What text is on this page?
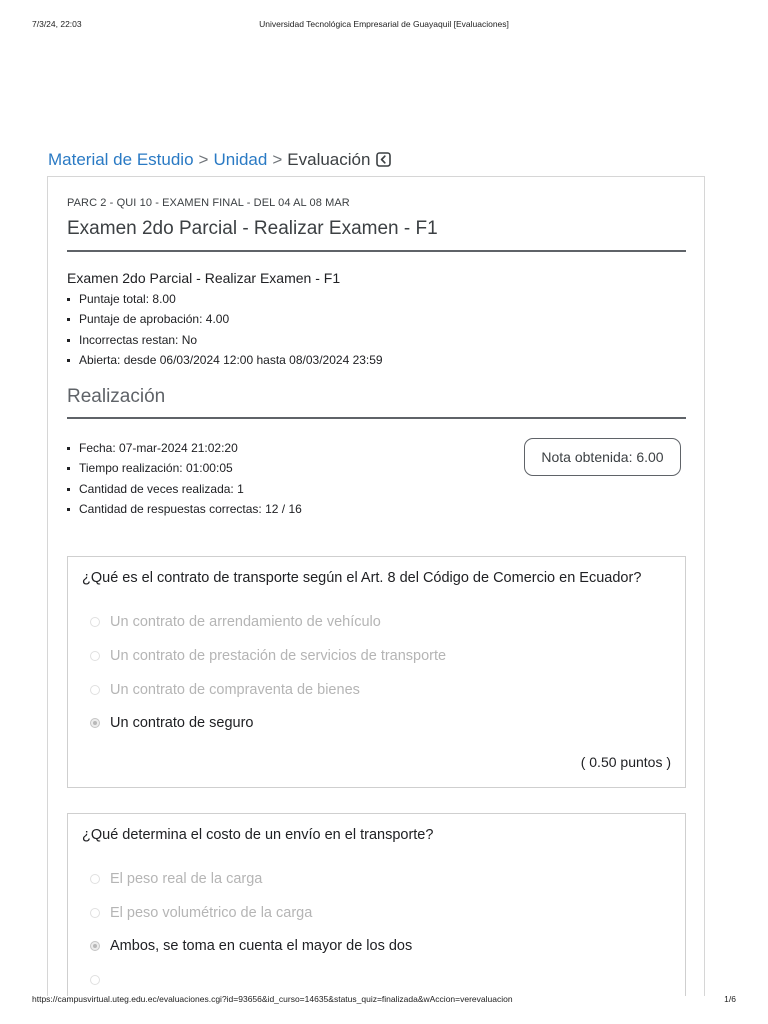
7/3/24, 22:03	Universidad Tecnológica Empresarial de Guayaquil [Evaluaciones]
Material de Estudio > Unidad > Evaluación
PARC 2 - QUI 10 - EXAMEN FINAL - DEL 04 AL 08 MAR
Examen 2do Parcial - Realizar Examen - F1
Examen 2do Parcial - Realizar Examen - F1
Puntaje total: 8.00
Puntaje de aprobación: 4.00
Incorrectas restan: No
Abierta: desde 06/03/2024 12:00 hasta 08/03/2024 23:59
Realización
Fecha: 07-mar-2024 21:02:20
Tiempo realización: 01:00:05
Cantidad de veces realizada: 1
Cantidad de respuestas correctas: 12 / 16
Nota obtenida: 6.00
¿Qué es el contrato de transporte según el Art. 8 del Código de Comercio en Ecuador?
Un contrato de arrendamiento de vehículo
Un contrato de prestación de servicios de transporte
Un contrato de compraventa de bienes
Un contrato de seguro
( 0.50 puntos )
¿Qué determina el costo de un envío en el transporte?
El peso real de la carga
El peso volumétrico de la carga
Ambos, se toma en cuenta el mayor de los dos
https://campusvirtual.uteg.edu.ec/evaluaciones.cgi?id=93656&id_curso=14635&status_quiz=finalizada&wAccion=verevaluacion	1/6
